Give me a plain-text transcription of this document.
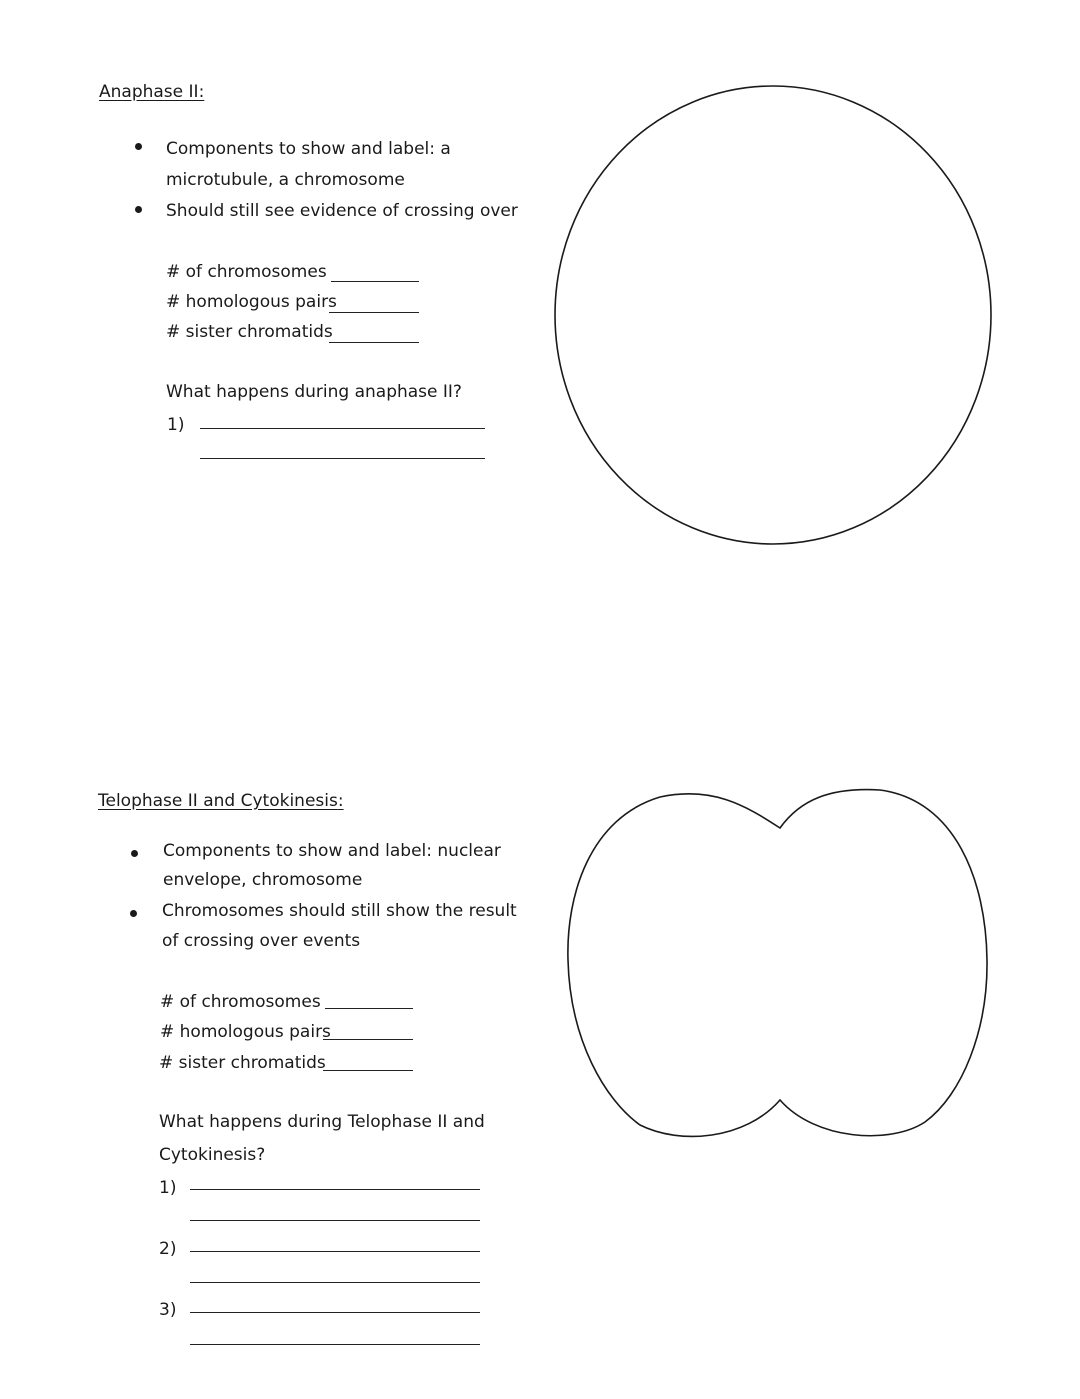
Anaphase II:
Components to show and label: a
microtubule, a chromosome
Should still see evidence of crossing over
# of chromosomes
# homologous pairs
# sister chromatids
What happens during anaphase II?
1)
Telophase II and Cytokinesis:
Components to show and label: nuclear
envelope, chromosome
Chromosomes should still show the result
of crossing over events
# of chromosomes
# homologous pairs
# sister chromatids
What happens during Telophase II and
Cytokinesis?
1)
2)
3)
